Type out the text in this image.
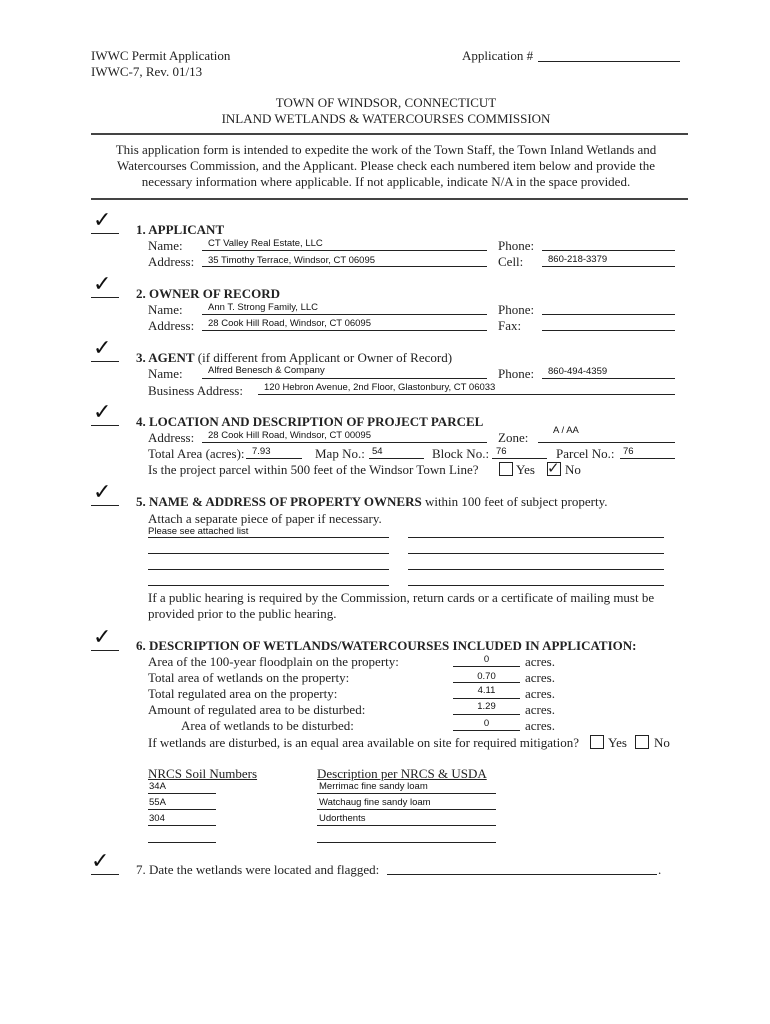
IWWC Permit Application
IWWC-7, Rev. 01/13
Application #
TOWN OF WINDSOR, CONNECTICUT
INLAND WETLANDS & WATERCOURSES COMMISSION
This application form is intended to expedite the work of the Town Staff, the Town Inland Wetlands and
Watercourses Commission, and the Applicant. Please check each numbered item below and provide the
necessary information where applicable. If not applicable, indicate N/A in the space provided.
✓ 1. APPLICANT
Name:	CT Valley Real Estate, LLC	Phone:
Address: 35 Timothy Terrace, Windsor, CT 06095	Cell:	860-218-3379
✓ 2. OWNER OF RECORD
Name:	Ann T. Strong Family, LLC	Phone:
Address: 28 Cook Hill Road, Windsor, CT 06095	Fax:
✓ 3. AGENT (if different from Applicant or Owner of Record)
Name:	Alfred Benesch & Company	Phone: 860-494-4359
Business Address: 120 Hebron Avenue, 2nd Floor, Glastonbury, CT 06033
✓ 4. LOCATION AND DESCRIPTION OF PROJECT PARCEL
Address: 28 Cook Hill Road, Windsor, CT 00095	Zone:	A / AA
Total Area (acres): 7.93	Map No.: 54	Block No.: 76	Parcel No.: 76
Is the project parcel within 500 feet of the Windsor Town Line?	Yes ✓ No
✓ 5. NAME & ADDRESS OF PROPERTY OWNERS within 100 feet of subject property.
Attach a separate piece of paper if necessary.
Please see attached list
If a public hearing is required by the Commission, return cards or a certificate of mailing must be
provided prior to the public hearing.
✓ 6. DESCRIPTION OF WETLANDS/WATERCOURSES INCLUDED IN APPLICATION:
Area of the 100-year floodplain on the property:	0	acres.
Total area of wetlands on the property:	0.70	acres.
Total regulated area on the property:	4.11	acres.
Amount of regulated area to be disturbed:	1.29	acres.
Area of wetlands to be disturbed:	0	acres.
If wetlands are disturbed, is an equal area available on site for required mitigation? Yes No
NRCS Soil Numbers	Description per NRCS & USDA
34A	Merrimac fine sandy loam
55A	Watchaug fine sandy loam
304	Udorthents
✓ 7. Date the wetlands were located and flagged:	.
